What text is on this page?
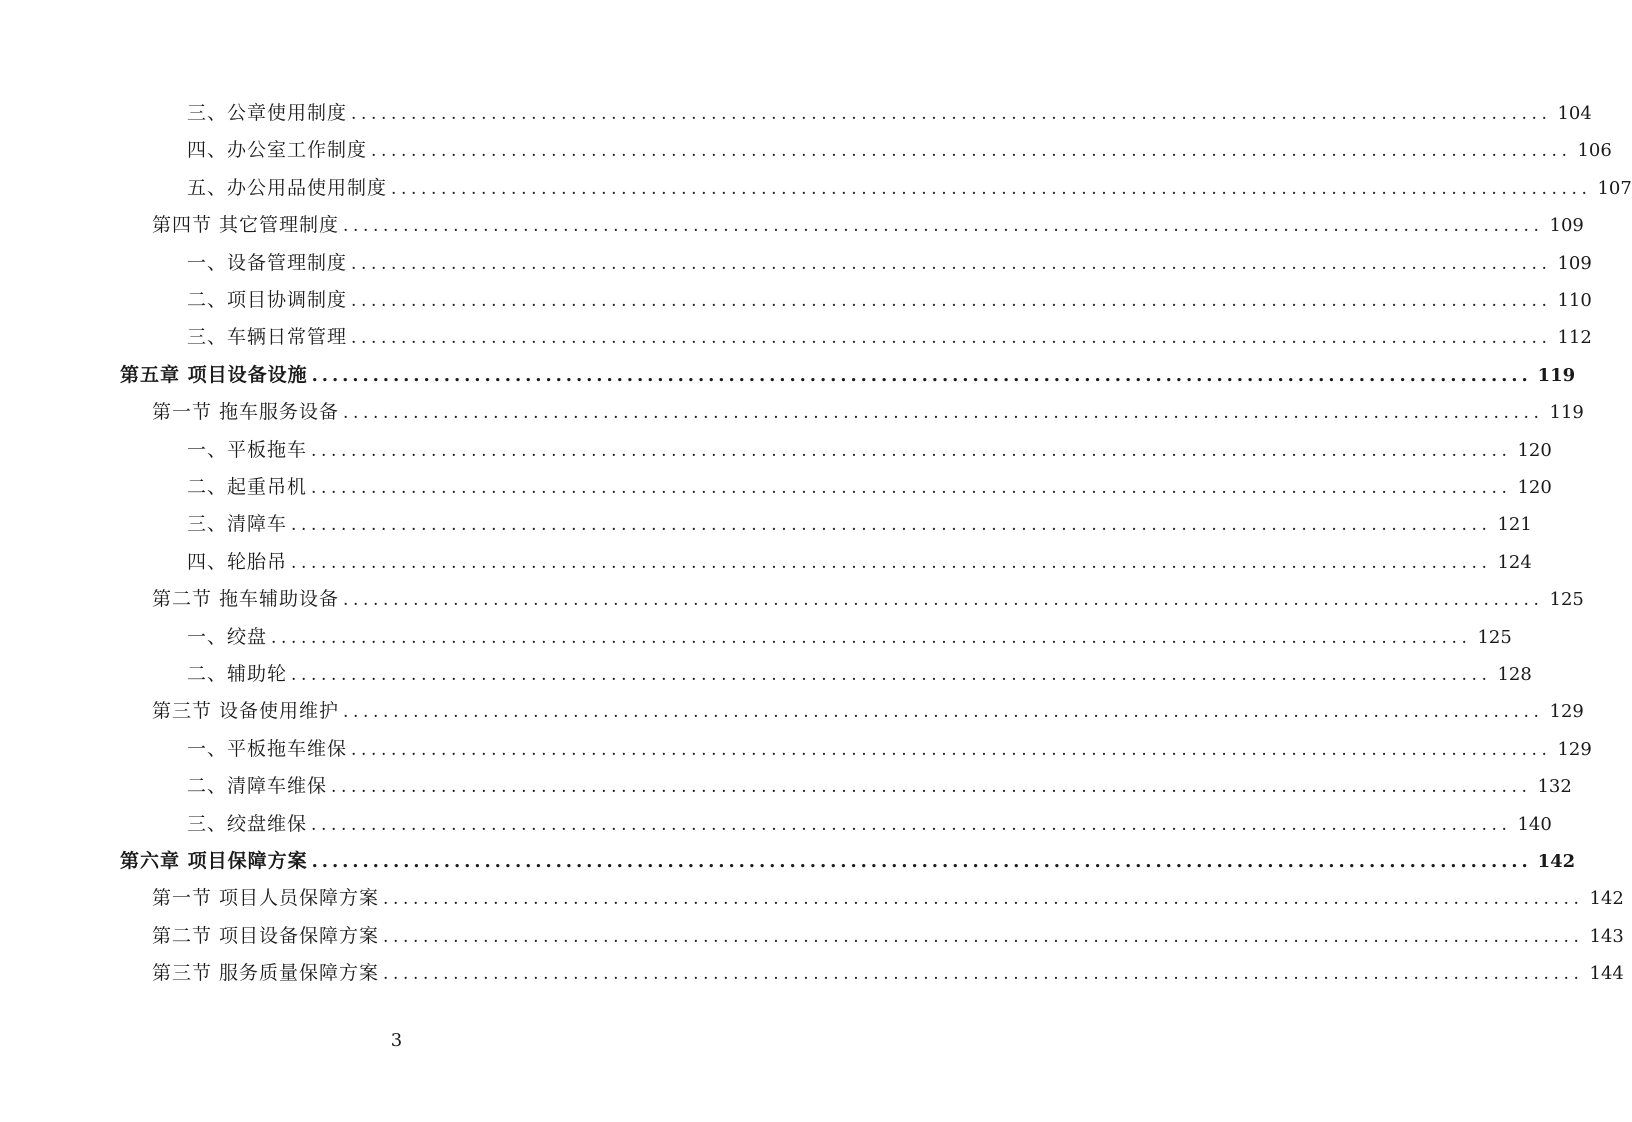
三、公章使用制度 ........................................................................................................................ 104
四、办公室工作制度 ........................................................................................................................ 106
五、办公用品使用制度 ........................................................................................................................ 107
第四节 其它管理制度 ........................................................................................................................ 109
一、设备管理制度 ........................................................................................................................ 109
二、项目协调制度 ........................................................................................................................ 110
三、车辆日常管理 ........................................................................................................................ 112
第五章 项目设备设施 ........................................................................................................................ 119
第一节 拖车服务设备 ........................................................................................................................ 119
一、平板拖车 ........................................................................................................................ 120
二、起重吊机 ........................................................................................................................ 120
三、清障车 ........................................................................................................................ 121
四、轮胎吊 ........................................................................................................................ 124
第二节 拖车辅助设备 ........................................................................................................................ 125
一、绞盘 ........................................................................................................................ 125
二、辅助轮 ........................................................................................................................ 128
第三节 设备使用维护 ........................................................................................................................ 129
一、平板拖车维保 ........................................................................................................................ 129
二、清障车维保 ........................................................................................................................ 132
三、绞盘维保 ........................................................................................................................ 140
第六章 项目保障方案 ........................................................................................................................ 142
第一节 项目人员保障方案 ........................................................................................................................ 142
第二节 项目设备保障方案 ........................................................................................................................ 143
第三节 服务质量保障方案 ........................................................................................................................ 144
3
